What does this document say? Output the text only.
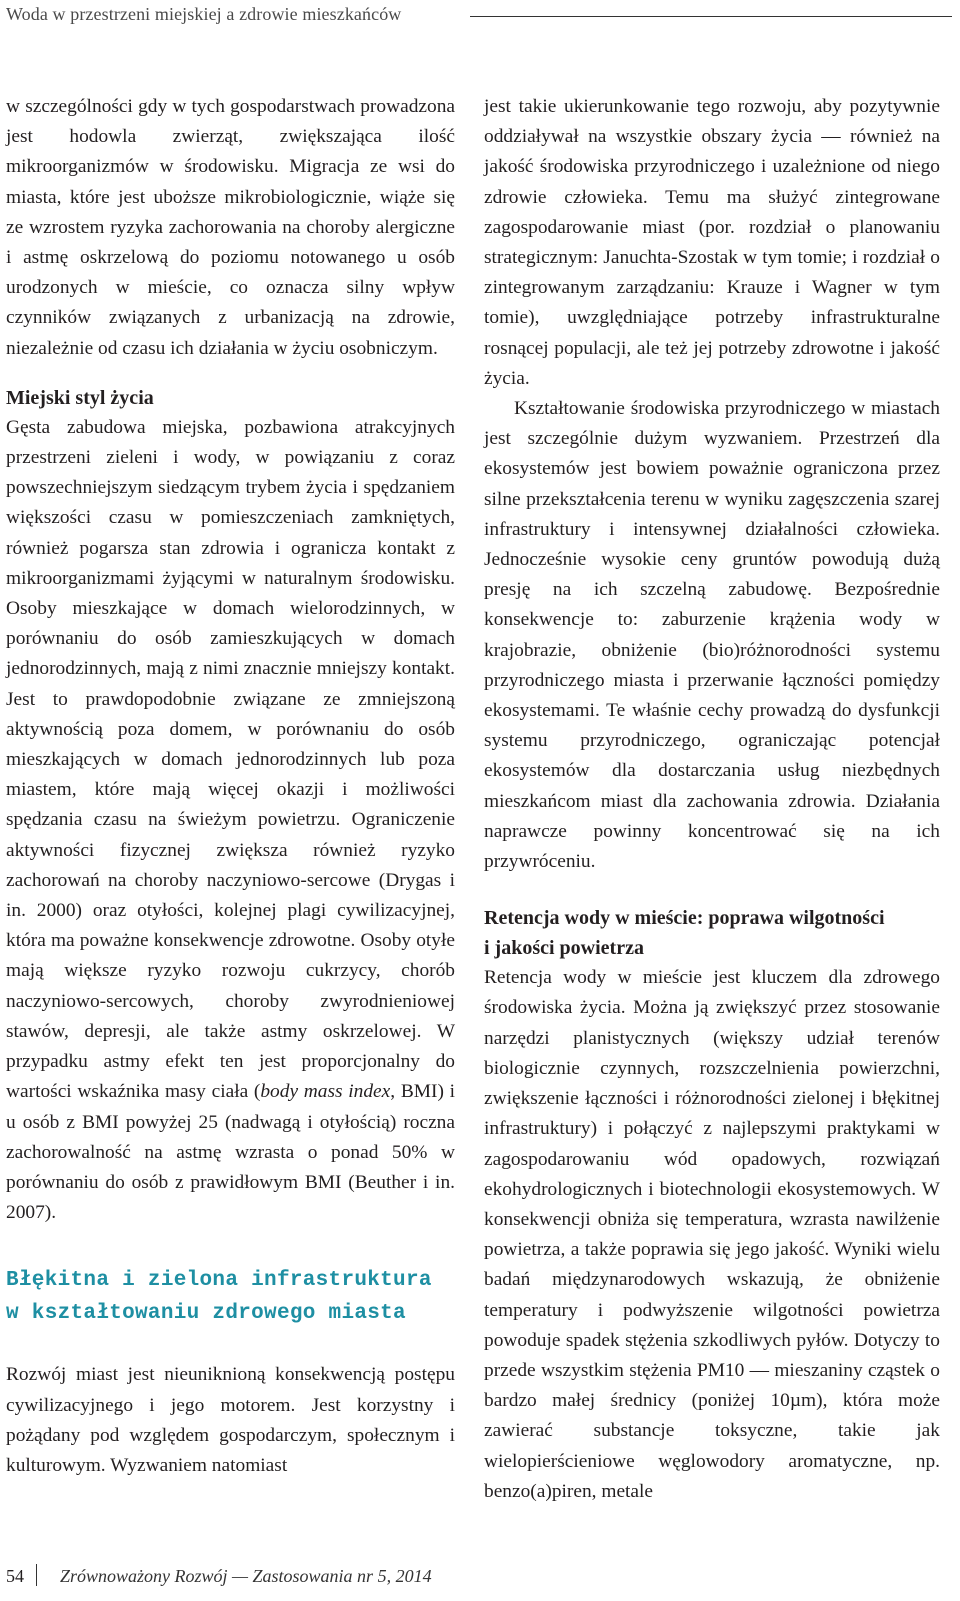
Woda w przestrzeni miejskiej a zdrowie mieszkańców

w szczególności gdy w tych gospodarstwach prowadzona jest hodowla zwierząt, zwiększająca ilość mikroorganizmów w środowisku. Migracja ze wsi do miasta, które jest uboższe mikrobiologicznie, wiąże się ze wzrostem ryzyka zachorowania na choroby alergiczne i astmę oskrzelową do poziomu notowanego u osób urodzonych w mieście, co oznacza silny wpływ czynników związanych z urbanizacją na zdrowie, niezależnie od czasu ich działania w życiu osobniczym.

Miejski styl życia

Gęsta zabudowa miejska, pozbawiona atrakcyjnych przestrzeni zieleni i wody, w powiązaniu z coraz powszechniejszym siedzącym trybem życia i spędzaniem większości czasu w pomieszczeniach zamkniętych, również pogarsza stan zdrowia i ogranicza kontakt z mikroorganizmami żyjącymi w naturalnym środowisku. Osoby mieszkające w domach wielorodzinnych, w porównaniu do osób zamieszkujących w domach jednorodzinnych, mają z nimi znacznie mniejszy kontakt. Jest to prawdopodobnie związane ze zmniejszoną aktywnością poza domem, w porównaniu do osób mieszkających w domach jednorodzinnych lub poza miastem, które mają więcej okazji i możliwości spędzania czasu na świeżym powietrzu. Ograniczenie aktywności fizycznej zwiększa również ryzyko zachorowań na choroby naczyniowo-sercowe (Drygas i in. 2000) oraz otyłości, kolejnej plagi cywilizacyjnej, która ma poważne konsekwencje zdrowotne. Osoby otyłe mają większe ryzyko rozwoju cukrzycy, chorób naczyniowo-sercowych, choroby zwyrodnieniowej stawów, depresji, ale także astmy oskrzelowej. W przypadku astmy efekt ten jest proporcjonalny do wartości wskaźnika masy ciała (body mass index, BMI) i u osób z BMI powyżej 25 (nadwagą i otyłością) roczna zachorowalność na astmę wzrasta o ponad 50% w porównaniu do osób z prawidłowym BMI (Beuther i in. 2007).

Błękitna i zielona infrastruktura
w kształtowaniu zdrowego miasta

Rozwój miast jest nieuniknioną konsekwencją postępu cywilizacyjnego i jego motorem. Jest korzystny i pożądany pod względem gospodarczym, społecznym i kulturowym. Wyzwaniem natomiast

jest takie ukierunkowanie tego rozwoju, aby pozytywnie oddziaływał na wszystkie obszary życia — również na jakość środowiska przyrodniczego i uzależnione od niego zdrowie człowieka. Temu ma służyć zintegrowane zagospodarowanie miast (por. rozdział o planowaniu strategicznym: Januchta-Szostak w tym tomie; i rozdział o zintegrowanym zarządzaniu: Krauze i Wagner w tym tomie), uwzględniające potrzeby infrastrukturalne rosnącej populacji, ale też jej potrzeby zdrowotne i jakość życia.

Kształtowanie środowiska przyrodniczego w miastach jest szczególnie dużym wyzwaniem. Przestrzeń dla ekosystemów jest bowiem poważnie ograniczona przez silne przekształcenia terenu w wyniku zagęszczenia szarej infrastruktury i intensywnej działalności człowieka. Jednocześnie wysokie ceny gruntów powodują dużą presję na ich szczelną zabudowę. Bezpośrednie konsekwencje to: zaburzenie krążenia wody w krajobrazie, obniżenie (bio)różnorodności systemu przyrodniczego miasta i przerwanie łączności pomiędzy ekosystemami. Te właśnie cechy prowadzą do dysfunkcji systemu przyrodniczego, ograniczając potencjał ekosystemów dla dostarczania usług niezbędnych mieszkańcom miast dla zachowania zdrowia. Działania naprawcze powinny koncentrować się na ich przywróceniu.

Retencja wody w mieście: poprawa wilgotności
i jakości powietrza

Retencja wody w mieście jest kluczem dla zdrowego środowiska życia. Można ją zwiększyć przez stosowanie narzędzi planistycznych (większy udział terenów biologicznie czynnych, rozszczelnienia powierzchni, zwiększenie łączności i różnorodności zielonej i błękitnej infrastruktury) i połączyć z najlepszymi praktykami w zagospodarowaniu wód opadowych, rozwiązań ekohydrologicznych i biotechnologii ekosystemowych. W konsekwencji obniża się temperatura, wzrasta nawilżenie powietrza, a także poprawia się jego jakość. Wyniki wielu badań międzynarodowych wskazują, że obniżenie temperatury i podwyższenie wilgotności powietrza powoduje spadek stężenia szkodliwych pyłów. Dotyczy to przede wszystkim stężenia PM10 — mieszaniny cząstek o bardzo małej średnicy (poniżej 10µm), która może zawierać substancje toksyczne, takie jak wielopierścieniowe węglowodory aromatyczne, np. benzo(a)piren, metale

54 Zrównoważony Rozwój — Zastosowania nr 5, 2014
